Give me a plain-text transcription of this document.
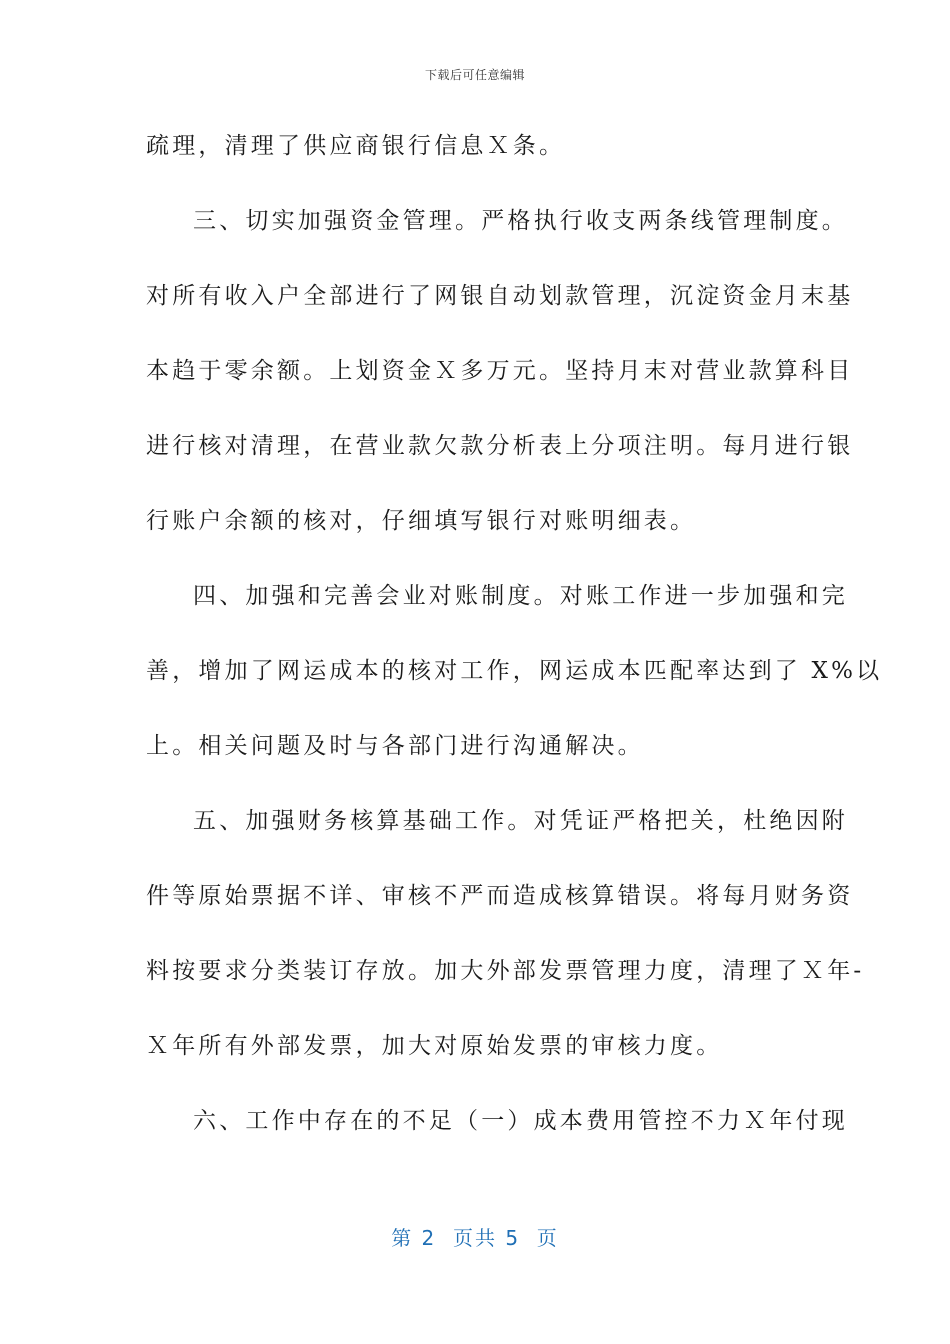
下载后可任意编辑
疏理，清理了供应商银行信息Ｘ条。
三、切实加强资金管理。严格执行收支两条线管理制度。
对所有收入户全部进行了网银自动划款管理，沉淀资金月末基
本趋于零余额。上划资金Ｘ多万元。坚持月末对营业款算科目
进行核对清理，在营业款欠款分析表上分项注明。每月进行银
行账户余额的核对，仔细填写银行对账明细表。
四、加强和完善会业对账制度。对账工作进一步加强和完
善，增加了网运成本的核对工作，网运成本匹配率达到了 X%以
上。相关问题及时与各部门进行沟通解决。
五、加强财务核算基础工作。对凭证严格把关，杜绝因附
件等原始票据不详、审核不严而造成核算错误。将每月财务资
料按要求分类装订存放。加大外部发票管理力度，清理了Ｘ年-
Ｘ年所有外部发票，加大对原始发票的审核力度。
六、工作中存在的不足（一）成本费用管控不力Ｘ年付现
第 2  页共 5  页
